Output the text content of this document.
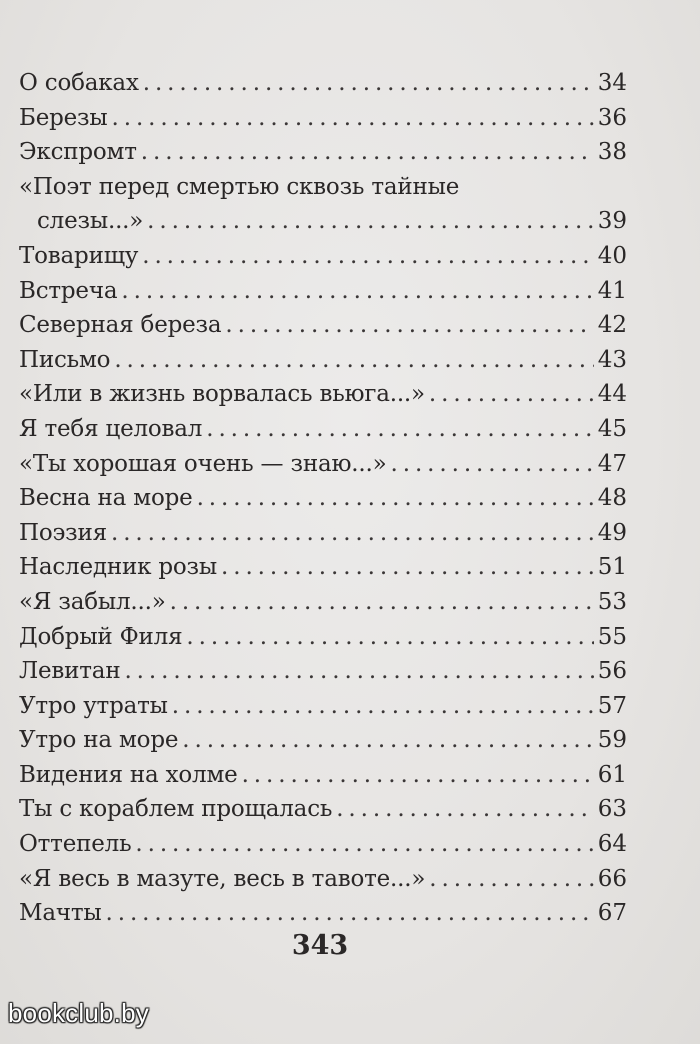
О собаках . . .	34
Березы . . .	36
Экспромт . . .	38
«Поэт перед смертью сквозь тайные
слезы...» . . .	39
Товарищу . . .	40
Встреча . . .	41
Северная береза . . .	42
Письмо . . .	43
«Или в жизнь ворвалась вьюга...» . . .	44
Я тебя целовал . . .	45
«Ты хорошая очень — знаю...» . . .	47
Весна на море . . .	48
Поэзия . . .	49
Наследник розы . . .	51
«Я забыл...» . . .	53
Добрый Филя . . .	55
Левитан . . .	56
Утро утраты . . .	57
Утро на море . . .	59
Видения на холме . . .	61
Ты с кораблем прощалась . . .	63
Оттепель . . .	64
«Я весь в мазуте, весь в тавоте...» . . .	66
Мачты . . .	67
343
bookclub.by
